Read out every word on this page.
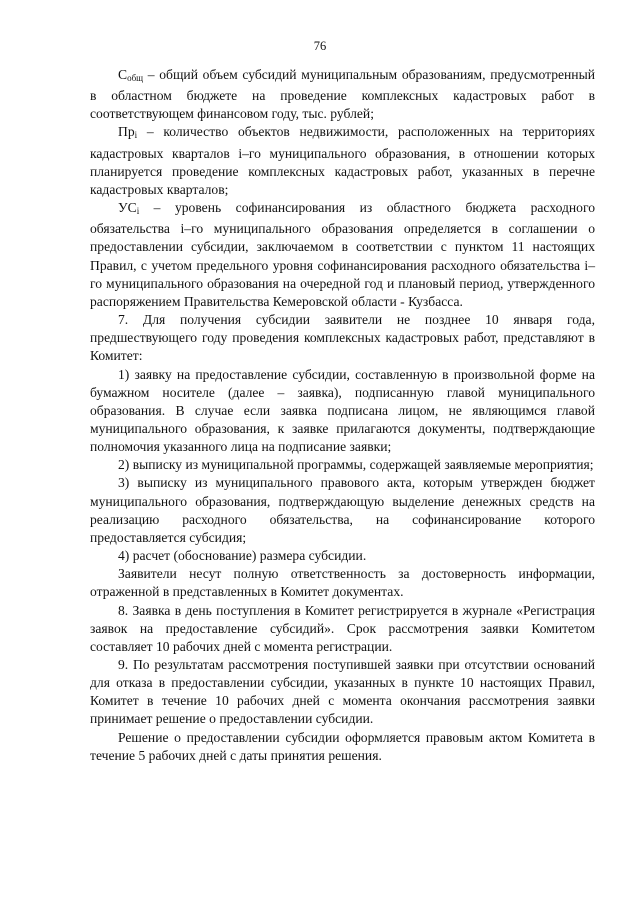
76

$С_{общ}$ – общий объем субсидий муниципальным образованиям, предусмотренный в областном бюджете на проведение комплексных кадастровых работ в соответствующем финансовом году, тыс. рублей;

$Пр_i$ – количество объектов недвижимости, расположенных на территориях кадастровых кварталов i–го муниципального образования, в отношении которых планируется проведение комплексных кадастровых работ, указанных в перечне кадастровых кварталов;

$УС_i$ – уровень софинансирования из областного бюджета расходного обязательства i–го муниципального образования определяется в соглашении о предоставлении субсидии, заключаемом в соответствии с пунктом 11 настоящих Правил, с учетом предельного уровня софинансирования расходного обязательства i–го муниципального образования на очередной год и плановый период, утвержденного распоряжением Правительства Кемеровской области - Кузбасса.

7. Для получения субсидии заявители не позднее 10 января года, предшествующего году проведения комплексных кадастровых работ, представляют в Комитет:

1) заявку на предоставление субсидии, составленную в произвольной форме на бумажном носителе (далее – заявка), подписанную главой муниципального образования. В случае если заявка подписана лицом, не являющимся главой муниципального образования, к заявке прилагаются документы, подтверждающие полномочия указанного лица на подписание заявки;

2) выписку из муниципальной программы, содержащей заявляемые мероприятия;

3) выписку из муниципального правового акта, которым утвержден бюджет муниципального образования, подтверждающую выделение денежных средств на реализацию расходного обязательства, на софинансирование которого предоставляется субсидия;

4) расчет (обоснование) размера субсидии.

Заявители несут полную ответственность за достоверность информации, отраженной в представленных в Комитет документах.

8. Заявка в день поступления в Комитет регистрируется в журнале «Регистрация заявок на предоставление субсидий». Срок рассмотрения заявки Комитетом составляет 10 рабочих дней с момента регистрации.

9. По результатам рассмотрения поступившей заявки при отсутствии оснований для отказа в предоставлении субсидии, указанных в пункте 10 настоящих Правил, Комитет в течение 10 рабочих дней с момента окончания рассмотрения заявки принимает решение о предоставлении субсидии.

Решение о предоставлении субсидии оформляется правовым актом Комитета в течение 5 рабочих дней с даты принятия решения.
